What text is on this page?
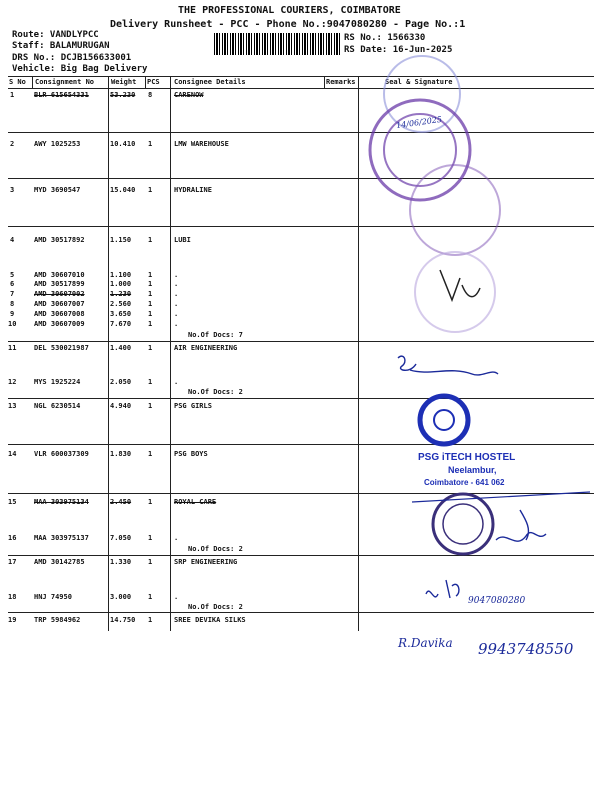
THE PROFESSIONAL COURIERS, COIMBATORE
Delivery Runsheet - PCC - Phone No.:9047080280 - Page No.:1
Route: VANDLYPCC
Staff: BALAMURUGAN
DRS No.: DCJB156633001
Vehicle: Big Bag Delivery
RS No.: 1566330
RS Date: 16-Jun-2025
S No Consignment No Weight PCS Consignee Details	Remarks	Seal & Signature
1	BLR 615654331	53.230 8	CARENOW
2	AWY 1025253	10.410 1	LMW WAREHOUSE
3	MYD 3690547	15.040 1	HYDRALINE
4	AMD 30517892	1.150 1	LUBI
5	AMD 30607010	1.100 1	.
6	AMD 30517899	1.000 1	.
7	AMD 30607002	1.230 1	.
8	AMD 30607007	2.560 1	.
9	AMD 30607008	3.650 1	.
10	AMD 30607009	7.670 1	.
No.Of Docs: 7
11	DEL 530021987	1.400 1	AIR ENGINEERING
12	MYS 1925224	2.050 1	.
No.Of Docs: 2
13	NGL 6230514	4.940 1	PSG GIRLS
14	VLR 600037309	1.830 1	PSG BOYS
15	MAA 303975134	2.450 1	ROYAL CARE
16	MAA 303975137	7.050 1	.
No.Of Docs: 2
17	AMD 30142785	1.330 1	SRP ENGINEERING
18	HNJ 74950	3.000 1	.
No.Of Docs: 2
19	TRP 5984962	14.750 1	SREE DEVIKA SILKS
14/06/2025
9047080280
R.Davika 9943748550
PSG iTECH HOSTEL
Neelambur,
Coimbatore - 641 062
